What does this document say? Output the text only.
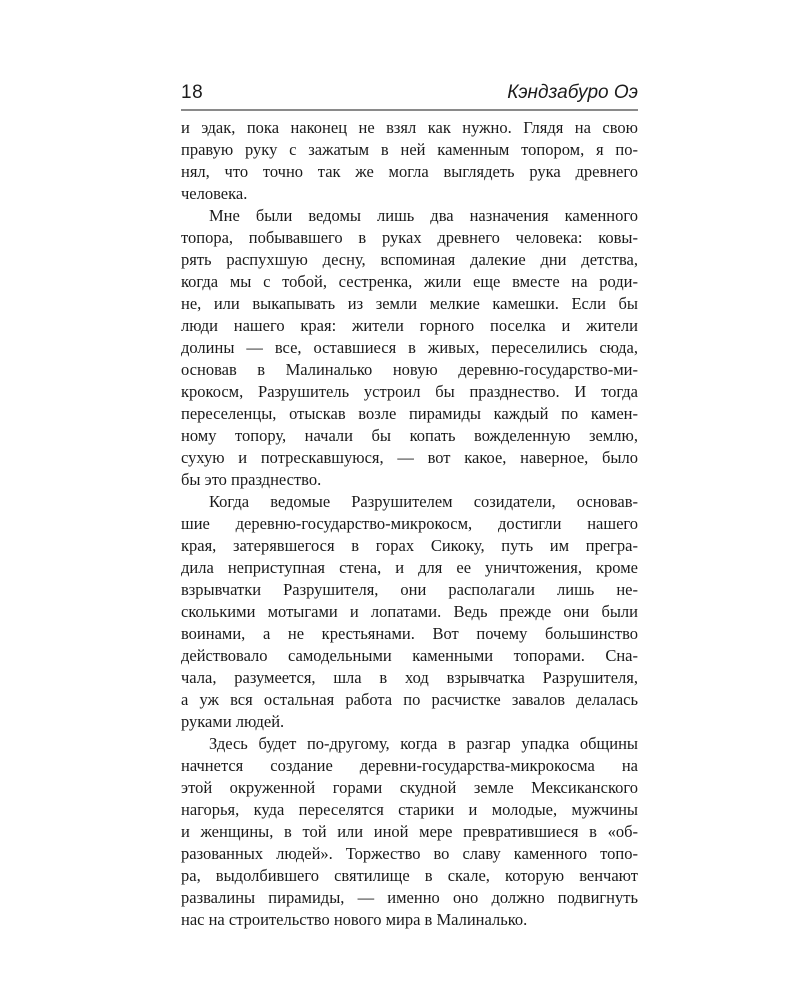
18	Кэндзабуро Оэ
и эдак, пока наконец не взял как нужно. Глядя на свою
правую руку с зажатым в ней каменным топором, я по-
нял, что точно так же могла выглядеть рука древнего
человека.
Мне были ведомы лишь два назначения каменного
топора, побывавшего в руках древнего человека: ковы-
рять распухшую десну, вспоминая далекие дни детства,
когда мы с тобой, сестренка, жили еще вместе на роди-
не, или выкапывать из земли мелкие камешки. Если бы
люди нашего края: жители горного поселка и жители
долины — все, оставшиеся в живых, переселились сюда,
основав в Малиналько новую деревню-государство-ми-
крокосм, Разрушитель устроил бы празднество. И тогда
переселенцы, отыскав возле пирамиды каждый по камен-
ному топору, начали бы копать вожделенную землю,
сухую и потрескавшуюся, — вот какое, наверное, было
бы это празднество.
Когда ведомые Разрушителем созидатели, основав-
шие деревню-государство-микрокосм, достигли нашего
края, затерявшегося в горах Сикоку, путь им прегра-
дила неприступная стена, и для ее уничтожения, кроме
взрывчатки Разрушителя, они располагали лишь не-
сколькими мотыгами и лопатами. Ведь прежде они были
воинами, а не крестьянами. Вот почему большинство
действовало самодельными каменными топорами. Сна-
чала, разумеется, шла в ход взрывчатка Разрушителя,
а уж вся остальная работа по расчистке завалов делалась
руками людей.
Здесь будет по-другому, когда в разгар упадка общины
начнется создание деревни-государства-микрокосма на
этой окруженной горами скудной земле Мексиканского
нагорья, куда переселятся старики и молодые, мужчины
и женщины, в той или иной мере превратившиеся в «об-
разованных людей». Торжество во славу каменного топо-
ра, выдолбившего святилище в скале, которую венчают
развалины пирамиды, — именно оно должно подвигнуть
нас на строительство нового мира в Малиналько.
